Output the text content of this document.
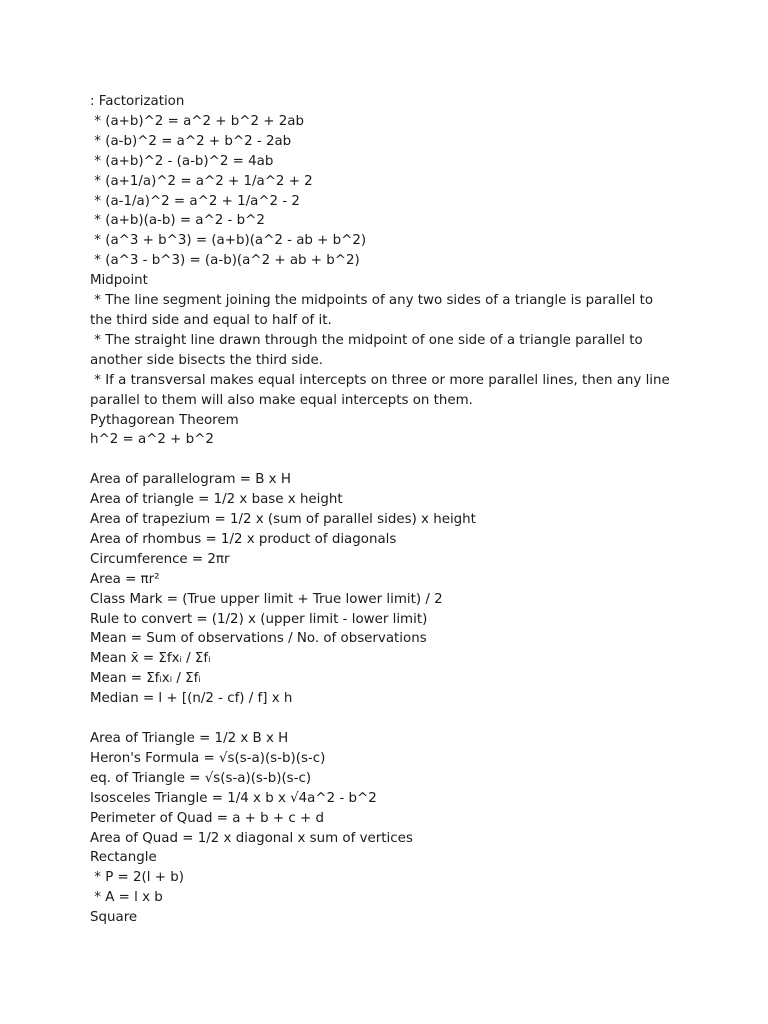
: Factorization
* (a+b)^2 = a^2 + b^2 + 2ab
* (a-b)^2 = a^2 + b^2 - 2ab
* (a+b)^2 - (a-b)^2 = 4ab
* (a+1/a)^2 = a^2 + 1/a^2 + 2
* (a-1/a)^2 = a^2 + 1/a^2 - 2
* (a+b)(a-b) = a^2 - b^2
* (a^3 + b^3) = (a+b)(a^2 - ab + b^2)
* (a^3 - b^3) = (a-b)(a^2 + ab + b^2)
Midpoint
* The line segment joining the midpoints of any two sides of a triangle is parallel to
the third side and equal to half of it.
* The straight line drawn through the midpoint of one side of a triangle parallel to
another side bisects the third side.
* If a transversal makes equal intercepts on three or more parallel lines, then any line
parallel to them will also make equal intercepts on them.
Pythagorean Theorem
h^2 = a^2 + b^2
Area of parallelogram = B x H
Area of triangle = 1/2 x base x height
Area of trapezium = 1/2 x (sum of parallel sides) x height
Area of rhombus = 1/2 x product of diagonals
Circumference = 2πr
Area = πr²
Class Mark = (True upper limit + True lower limit) / 2
Rule to convert = (1/2) x (upper limit - lower limit)
Mean = Sum of observations / No. of observations
Mean x̄ = Σfxᵢ / Σfᵢ
Mean = Σfᵢxᵢ / Σfᵢ
Median = l + [(n/2 - cf) / f] x h
Area of Triangle = 1/2 x B x H
Heron's Formula = √s(s-a)(s-b)(s-c)
eq. of Triangle = √s(s-a)(s-b)(s-c)
Isosceles Triangle = 1/4 x b x √4a^2 - b^2
Perimeter of Quad = a + b + c + d
Area of Quad = 1/2 x diagonal x sum of vertices
Rectangle
* P = 2(l + b)
* A = l x b
Square
